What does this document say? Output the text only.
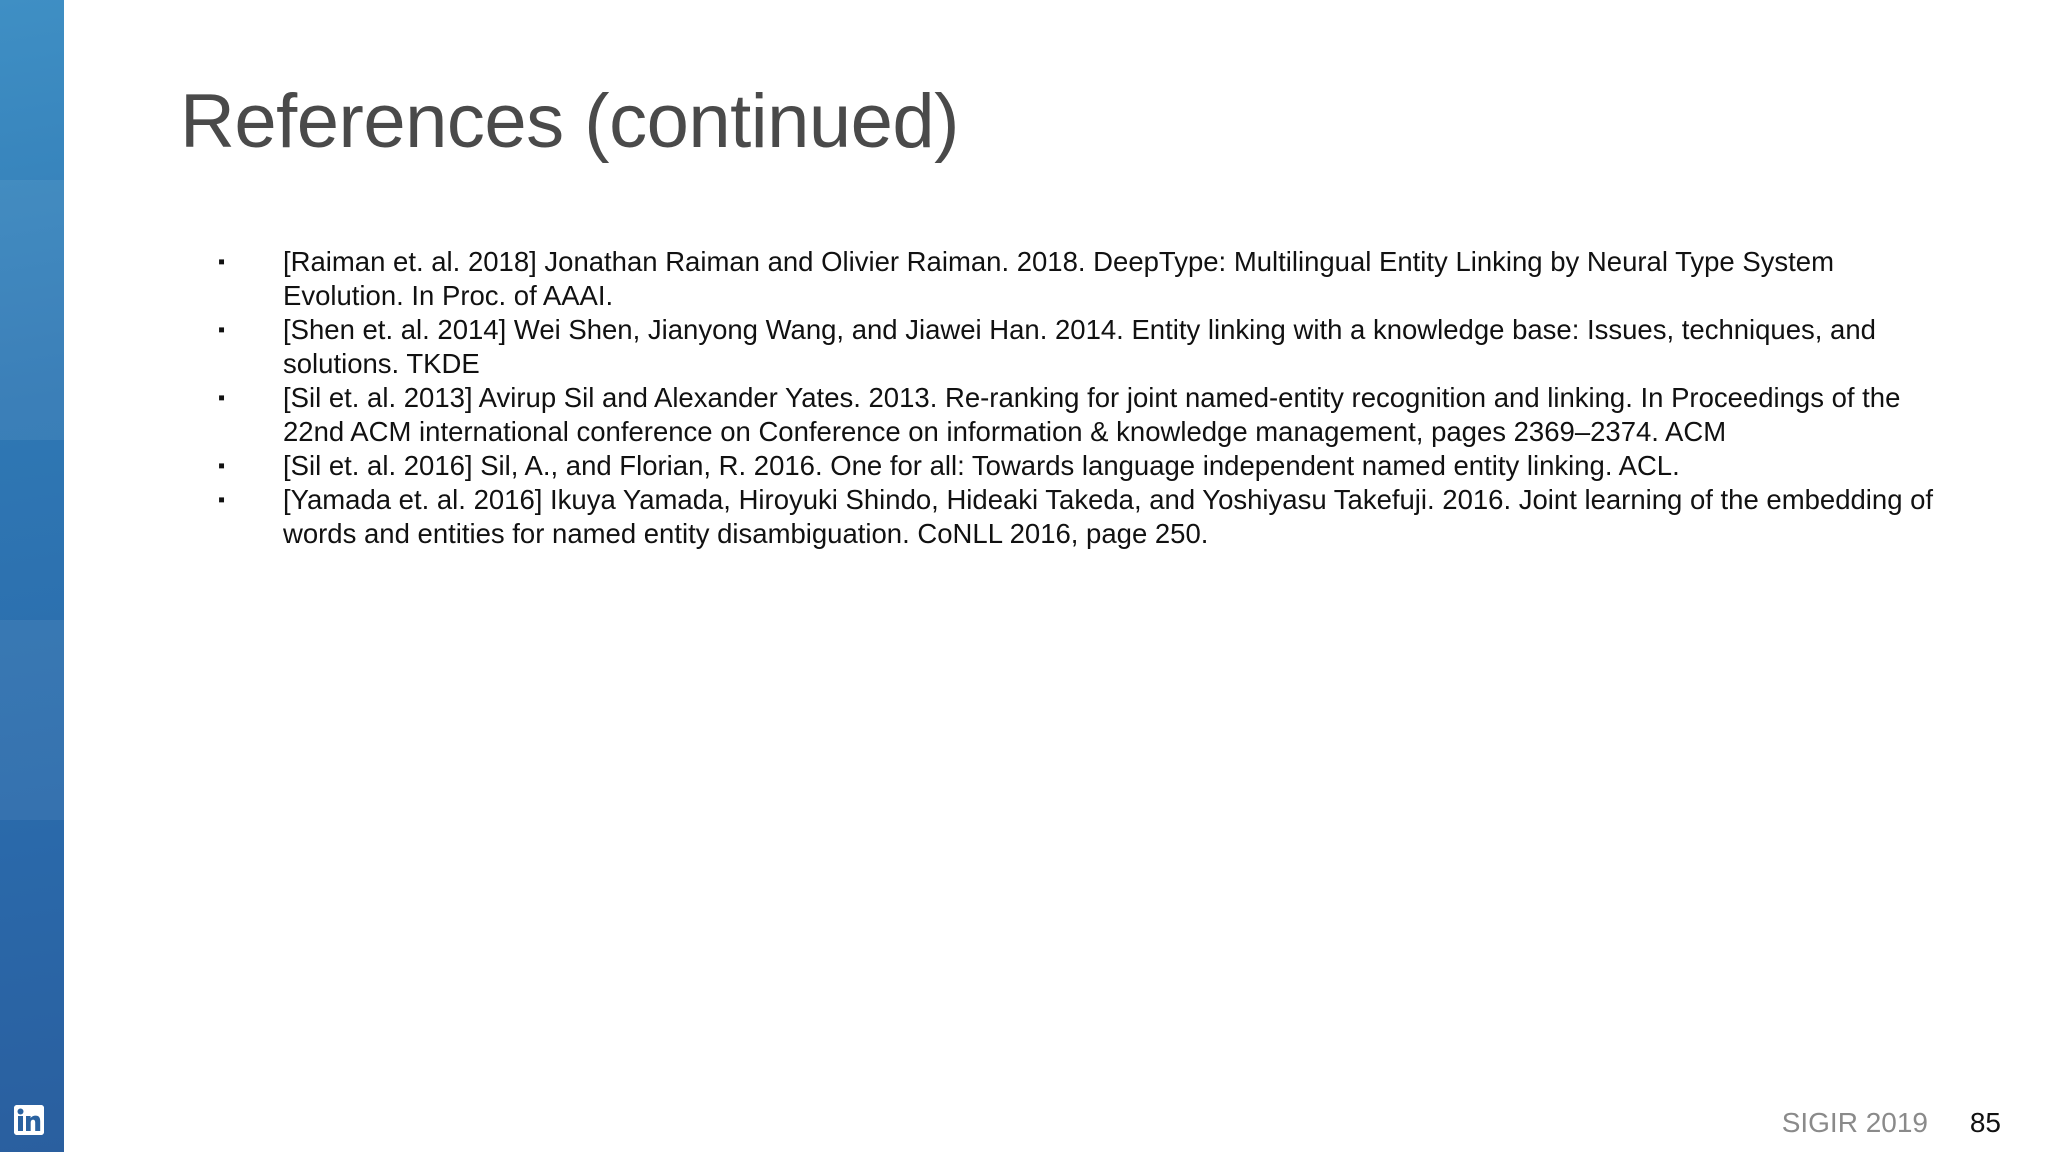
References (continued)
▪	[Raiman et. al. 2018] Jonathan Raiman and Olivier Raiman. 2018. DeepType: Multilingual Entity Linking by Neural Type System Evolution. In Proc. of AAAI.
▪	[Shen et. al. 2014] Wei Shen, Jianyong Wang, and Jiawei Han. 2014. Entity linking with a knowledge base: Issues, techniques, and solutions. TKDE
▪	[Sil et. al. 2013] Avirup Sil and Alexander Yates. 2013. Re-ranking for joint named-entity recognition and linking. In Proceedings of the 22nd ACM international conference on Conference on information & knowledge management, pages 2369–2374. ACM
▪	[Sil et. al. 2016] Sil, A., and Florian, R. 2016. One for all: Towards language independent named entity linking. ACL.
▪	[Yamada et. al. 2016] Ikuya Yamada, Hiroyuki Shindo, Hideaki Takeda, and Yoshiyasu Takefuji. 2016. Joint learning of the embedding of words and entities for named entity disambiguation. CoNLL 2016, page 250.
SIGIR 2019 85
